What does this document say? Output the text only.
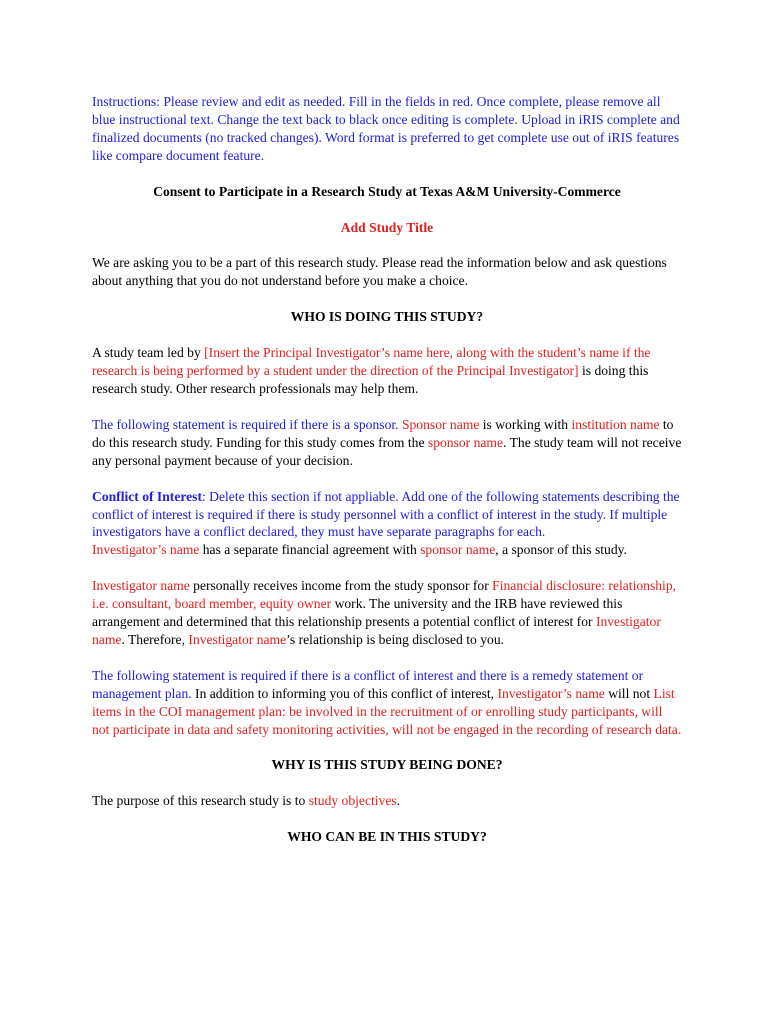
Instructions: Please review and edit as needed. Fill in the fields in red. Once complete, please remove all blue instructional text. Change the text back to black once editing is complete. Upload in iRIS complete and finalized documents (no tracked changes). Word format is preferred to get complete use out of iRIS features like compare document feature.

Consent to Participate in a Research Study at Texas A&M University-Commerce

Add Study Title

We are asking you to be a part of this research study. Please read the information below and ask questions about anything that you do not understand before you make a choice.

WHO IS DOING THIS STUDY?

A study team led by [Insert the Principal Investigator’s name here, along with the student’s name if the research is being performed by a student under the direction of the Principal Investigator] is doing this research study. Other research professionals may help them.

The following statement is required if there is a sponsor. Sponsor name is working with institution name to do this research study. Funding for this study comes from the sponsor name. The study team will not receive any personal payment because of your decision.

Conflict of Interest: Delete this section if not appliable. Add one of the following statements describing the conflict of interest is required if there is study personnel with a conflict of interest in the study. If multiple investigators have a conflict declared, they must have separate paragraphs for each.
Investigator’s name has a separate financial agreement with sponsor name, a sponsor of this study.

Investigator name personally receives income from the study sponsor for Financial disclosure: relationship, i.e. consultant, board member, equity owner work. The university and the IRB have reviewed this arrangement and determined that this relationship presents a potential conflict of interest for Investigator name. Therefore, Investigator name’s relationship is being disclosed to you.

The following statement is required if there is a conflict of interest and there is a remedy statement or management plan. In addition to informing you of this conflict of interest, Investigator’s name will not List items in the COI management plan: be involved in the recruitment of or enrolling study participants, will not participate in data and safety monitoring activities, will not be engaged in the recording of research data.

WHY IS THIS STUDY BEING DONE?

The purpose of this research study is to study objectives.

WHO CAN BE IN THIS STUDY?
